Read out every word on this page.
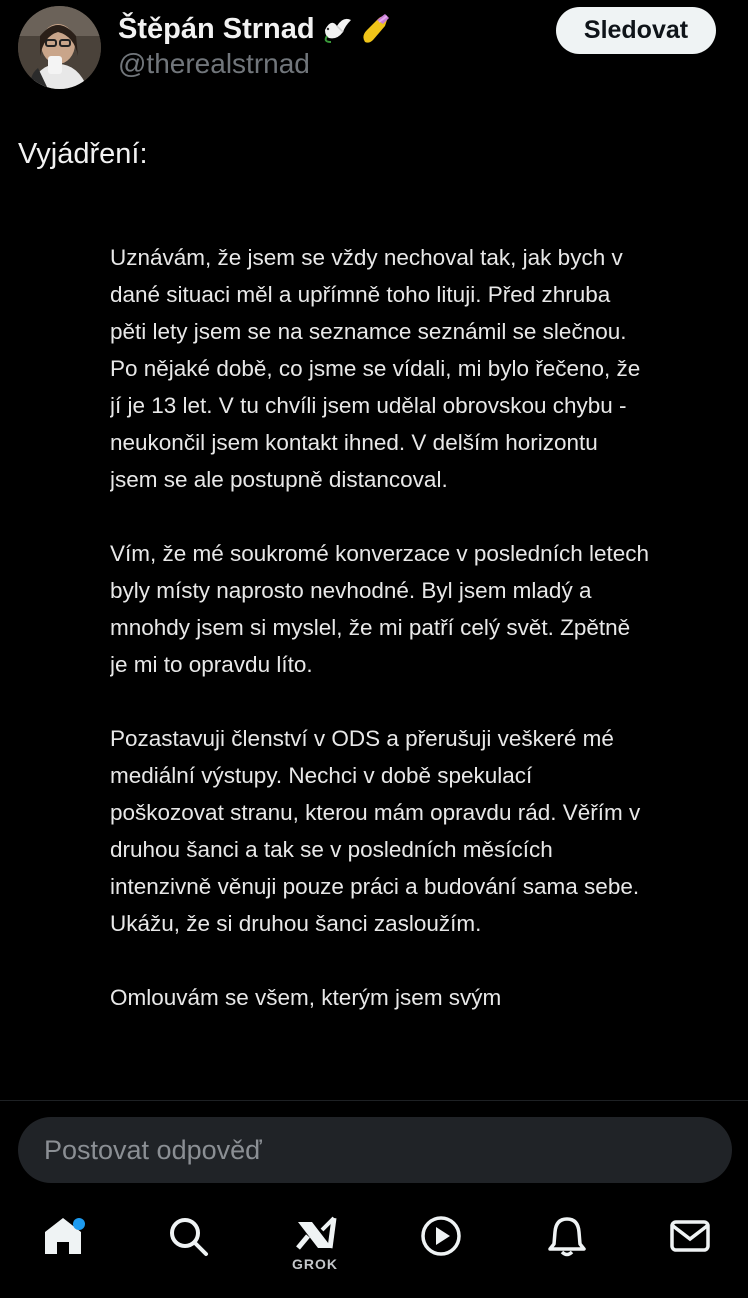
Štěpán Strnad
@therealstrnad
Sledovat
Vyjádření:

Uznávám, že jsem se vždy nechoval tak, jak bych v dané situaci měl a upřímně toho lituji. Před zhruba pěti lety jsem se na seznamce seznámil se slečnou. Po nějaké době, co jsme se vídali, mi bylo řečeno, že jí je 13 let. V tu chvíli jsem udělal obrovskou chybu - neukončil jsem kontakt ihned. V delším horizontu jsem se ale postupně distancoval.

Vím, že mé soukromé konverzace v posledních letech byly místy naprosto nevhodné. Byl jsem mladý a mnohdy jsem si myslel, že mi patří celý svět. Zpětně je mi to opravdu líto.

Pozastavuji členství v ODS a přerušuji veškeré mé mediální výstupy. Nechci v době spekulací poškozovat stranu, kterou mám opravdu rád. Věřím v druhou šanci a tak se v posledních měsících intenzivně věnuji pouze práci a budování sama sebe. Ukážu, že si druhou šanci zasloužím.

Omlouvám se všem, kterým jsem svým

Postovat odpověď
GROK
